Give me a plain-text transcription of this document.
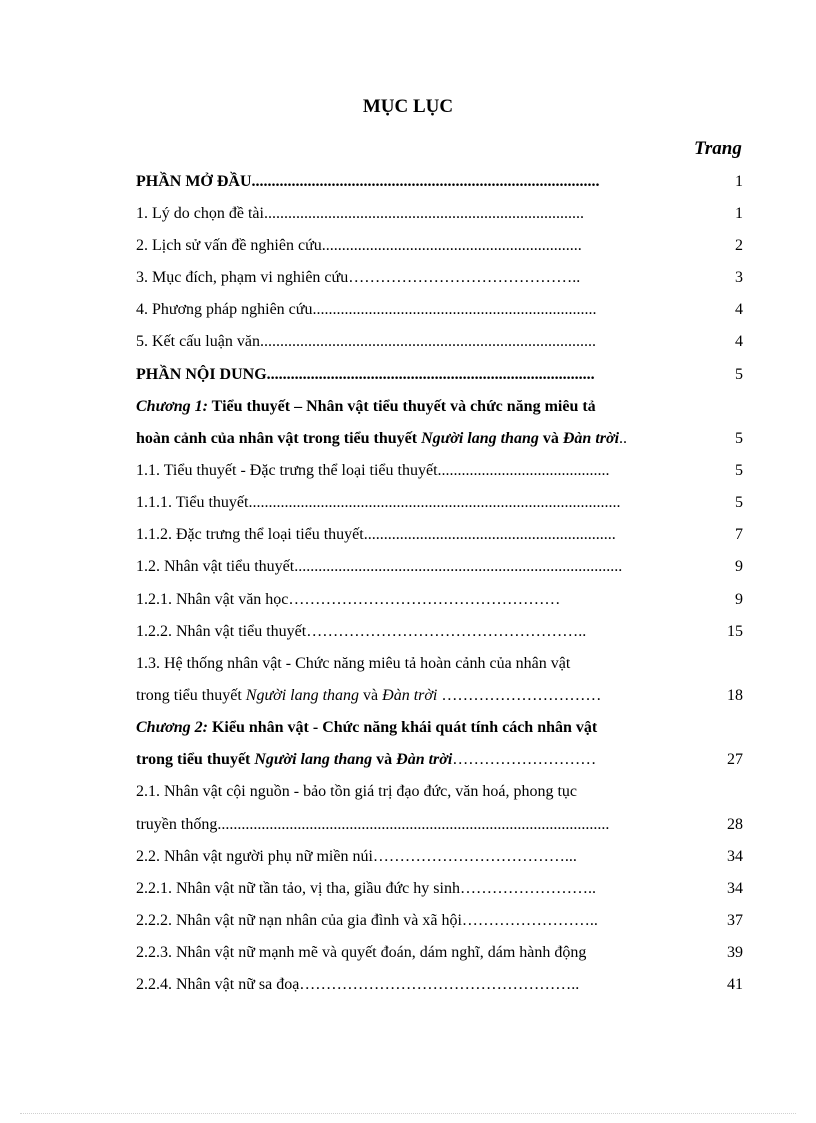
MỤC LỤC
Trang
PHẦN MỞ ĐẦU.......................................................................................	1
1. Lý do chọn đề tài................................................................................	1
2. Lịch sử vấn đề nghiên cứu.................................................................	2
3. Mục đích, phạm vi nghiên cứu……………………………………..	3
4. Phương pháp nghiên cứu.......................................................................	4
5. Kết cấu luận văn....................................................................................	4
PHẦN NỘI DUNG..................................................................................	5
Chương 1: Tiểu thuyết – Nhân vật tiểu thuyết và chức năng miêu tả
hoàn cảnh của nhân vật trong tiểu thuyết Người lang thang và Đàn trời..	5
1.1. Tiểu thuyết - Đặc trưng thể loại tiểu thuyết...........................................	5
1.1.1. Tiểu thuyết.............................................................................................	5
1.1.2. Đặc trưng thể loại tiểu thuyết...............................................................	7
1.2. Nhân vật tiểu thuyết..................................................................................	9
1.2.1. Nhân vật văn học……………………………………………	9
1.2.2. Nhân vật tiểu thuyết……………………………………………..	15
1.3. Hệ thống nhân vật - Chức năng miêu tả hoàn cảnh của nhân vật
trong tiểu thuyết Người lang thang và Đàn trời …………………………	18
Chương 2: Kiểu nhân vật - Chức năng khái quát tính cách nhân vật
trong tiểu thuyết Người lang thang và Đàn trời………………………	27
2.1. Nhân vật cội nguồn - bảo tồn giá trị đạo đức, văn hoá, phong tục
truyền thống..................................................................................................	28
2.2. Nhân vật người phụ nữ miền núi………………………………...	34
2.2.1. Nhân vật nữ tần tảo, vị tha, giầu đức hy sinh……………………..	34
2.2.2. Nhân vật nữ nạn nhân của gia đình và xã hội……………………..	37
2.2.3. Nhân vật nữ mạnh mẽ và quyết đoán, dám nghĩ, dám hành động	39
2.2.4. Nhân vật nữ sa đoạ……………………………………………..	41
